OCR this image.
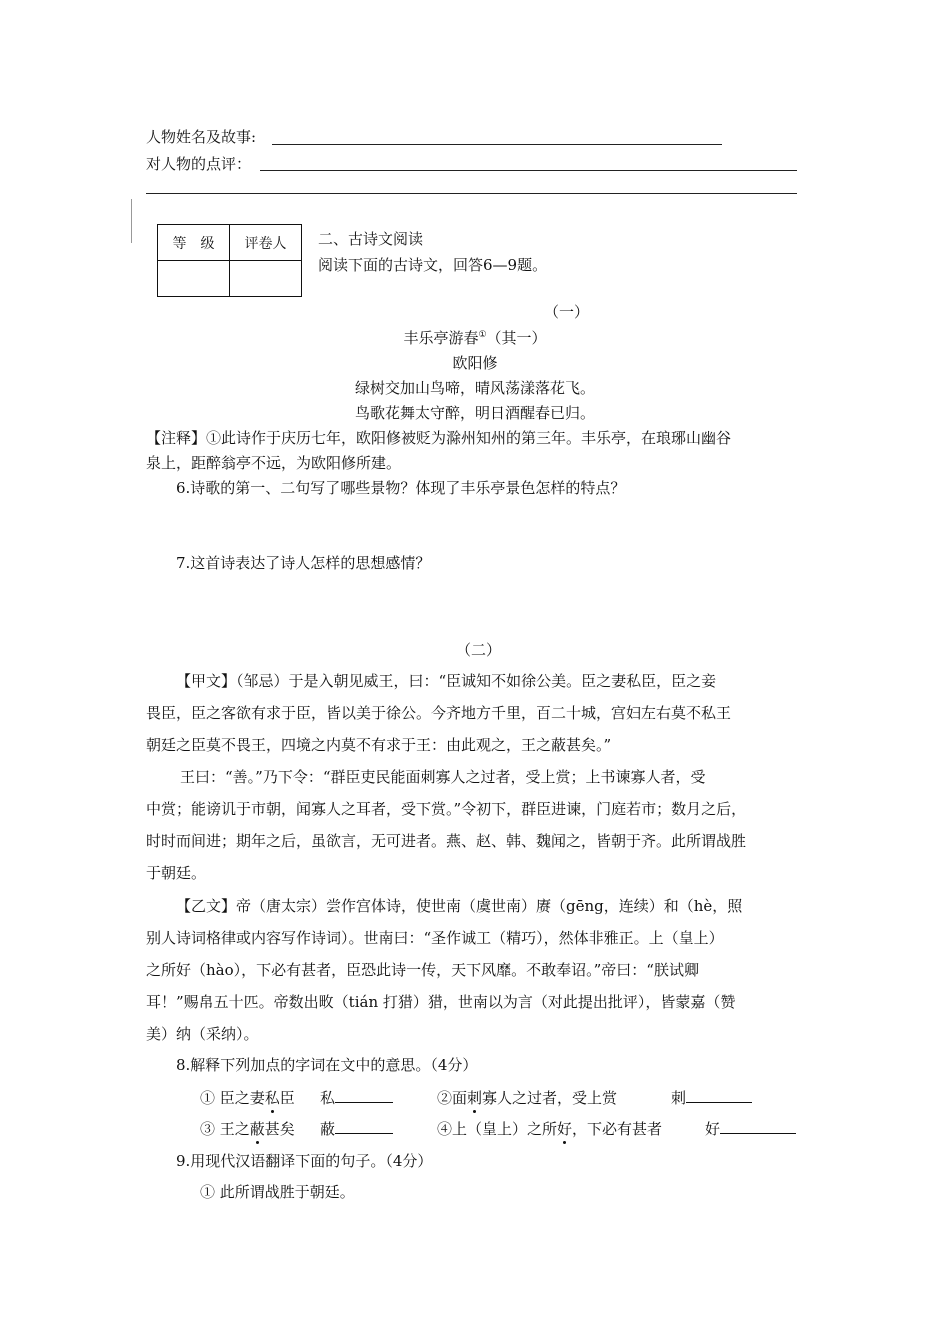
人物姓名及故事:
对人物的点评：
等　级	评卷人
	二、古诗文阅读
阅读下面的古诗文，回答6—9题。
（一）
丰乐亭游春①（其一）
欧阳修
绿树交加山鸟啼，晴风荡漾落花飞。
鸟歌花舞太守醉，明日酒醒春已归。
【注释】①此诗作于庆历七年，欧阳修被贬为滁州知州的第三年。丰乐亭，在琅琊山幽谷
泉上，距醉翁亭不远，为欧阳修所建。
6.诗歌的第一、二句写了哪些景物？体现了丰乐亭景色怎样的特点？
7.这首诗表达了诗人怎样的思想感情？
（二）
【甲文】（邹忌）于是入朝见威王，曰：“臣诚知不如徐公美。臣之妻私臣，臣之妾
畏臣，臣之客欲有求于臣，皆以美于徐公。今齐地方千里，百二十城，宫妇左右莫不私王
朝廷之臣莫不畏王，四境之内莫不有求于王：由此观之，王之蔽甚矣。”
王曰：“善。”乃下令：“群臣吏民能面刺寡人之过者，受上赏；上书谏寡人者，受
中赏；能谤讥于市朝，闻寡人之耳者，受下赏。”令初下，群臣进谏，门庭若市；数月之后，
时时而间进；期年之后，虽欲言，无可进者。燕、赵、韩、魏闻之，皆朝于齐。此所谓战胜
于朝廷。
【乙文】帝（唐太宗）尝作宫体诗，使世南（虞世南）赓（gēng，连续）和（hè，照
别人诗词格律或内容写作诗词）。世南曰：“圣作诚工（精巧），然体非雅正。上（皇上）
之所好（hào），下必有甚者，臣恐此诗一传，天下风靡。不敢奉诏。”帝曰：“朕试卿
耳！”赐帛五十匹。帝数出畋（tián 打猎）猎，世南以为言（对此提出批评），皆蒙嘉（赞
美）纳（采纳）。
8.解释下列加点的字词在文中的意思。（4分）
① 臣之妻私臣 私	②面刺寡人之过者，受上赏	刺
③ 王之蔽甚矣 蔽	④上（皇上）之所好，下必有甚者	好
9.用现代汉语翻译下面的句子。（4分）
① 此所谓战胜于朝廷。
